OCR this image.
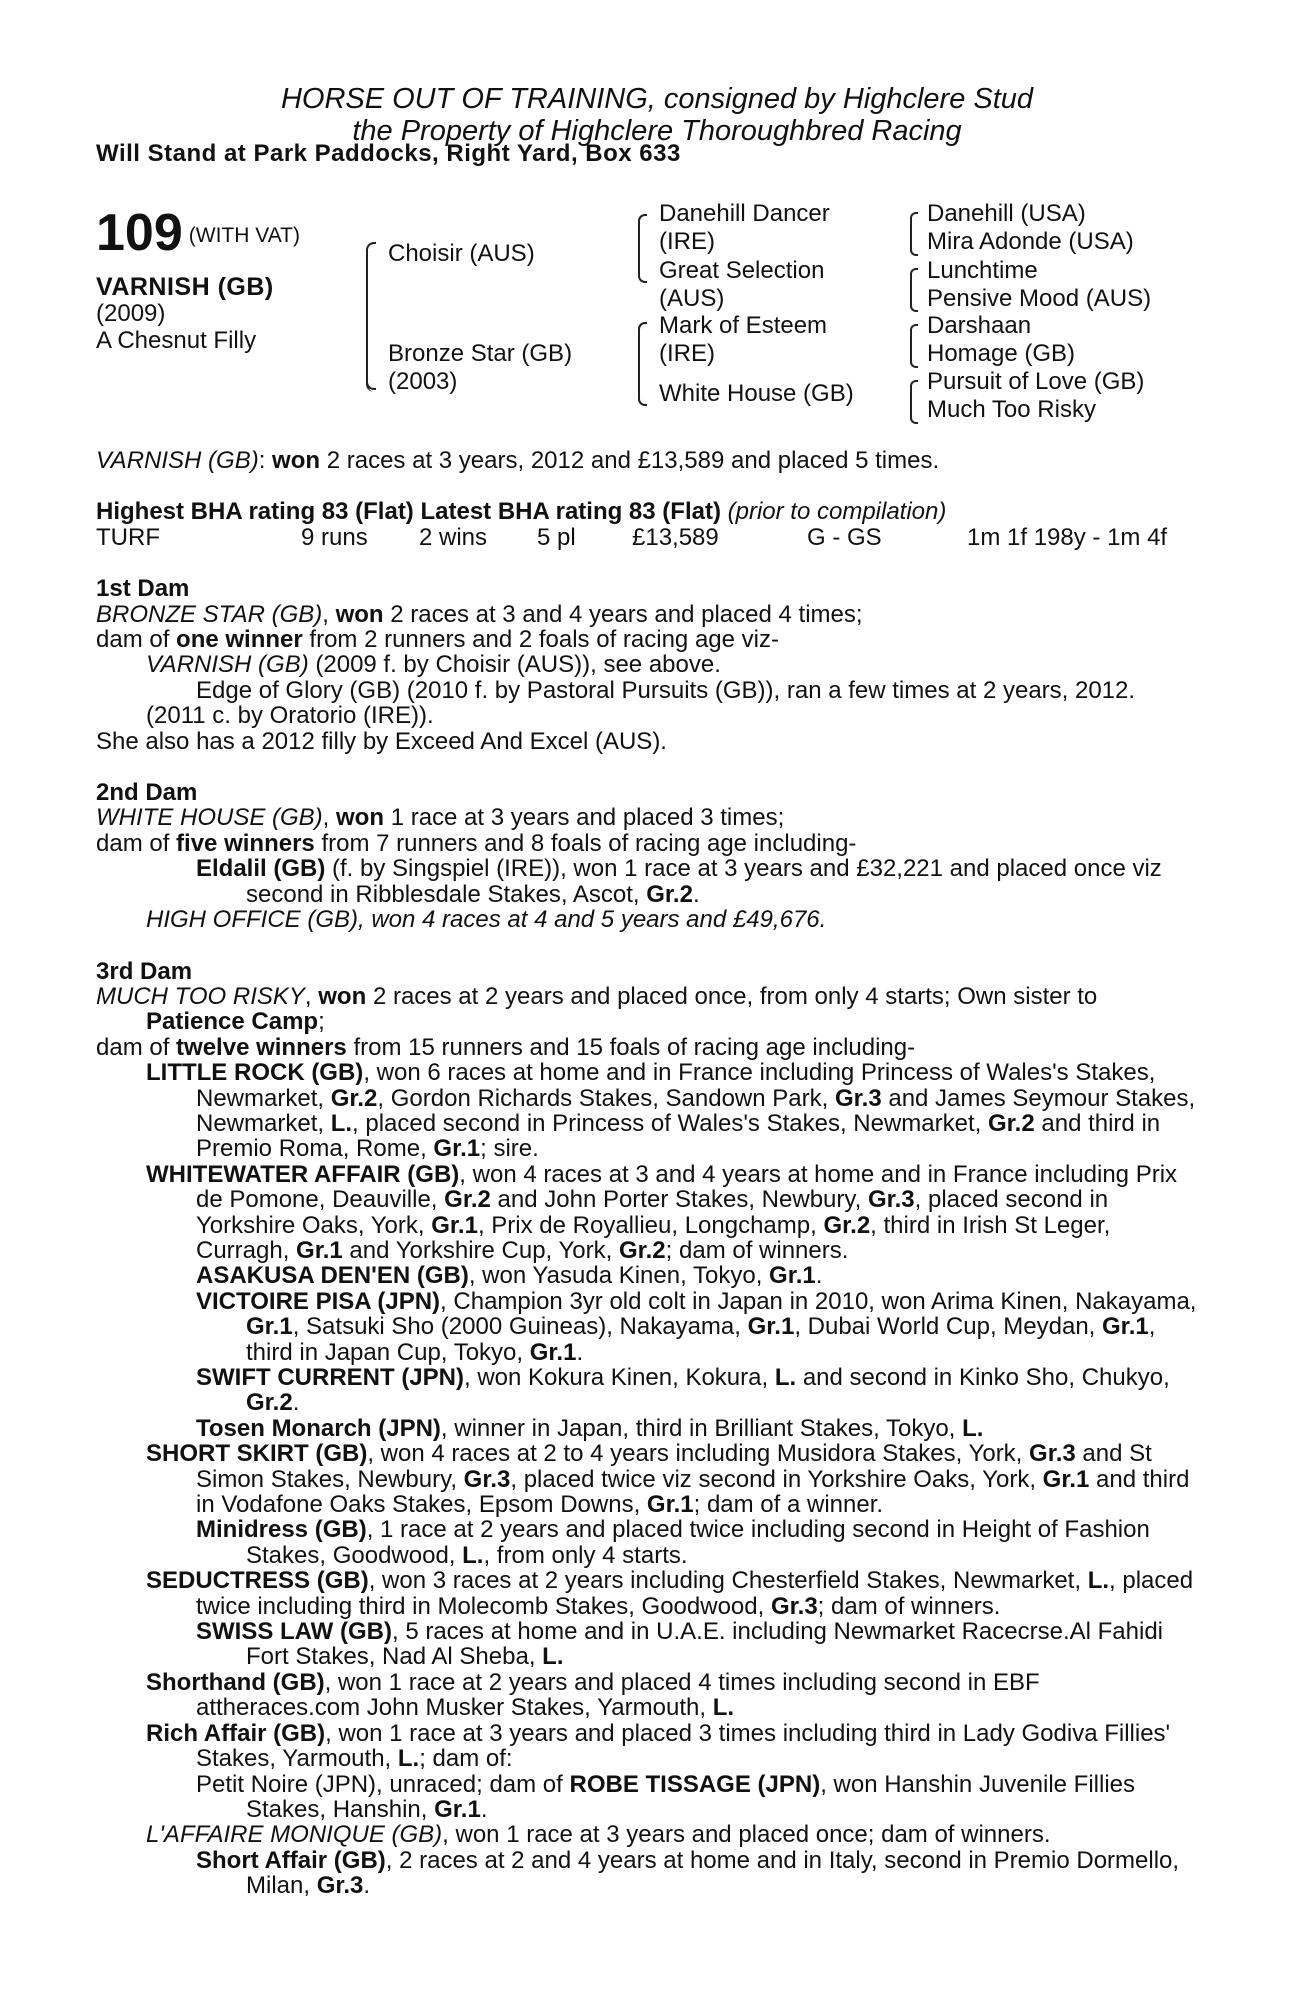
HORSE OUT OF TRAINING, consigned by Highclere Stud
the Property of Highclere Thoroughbred Racing
Will Stand at Park Paddocks, Right Yard, Box 633
109 (WITH VAT)
VARNISH (GB)
(2009)
A Chesnut Filly
Choisir (AUS)
Bronze Star (GB)
(2003)
Danehill Dancer
(IRE)
Great Selection
(AUS)
Mark of Esteem
(IRE)
White House (GB)
Danehill (USA)
Mira Adonde (USA)
Lunchtime
Pensive Mood (AUS)
Darshaan
Homage (GB)
Pursuit of Love (GB)
Much Too Risky

VARNISH (GB): won 2 races at 3 years, 2012 and £13,589 and placed 5 times.

Highest BHA rating 83 (Flat) Latest BHA rating 83 (Flat) (prior to compilation)

TURF	9 runs 2 wins 5 pl £13,589	G - GS	1m 1f 198y - 1m 4f

1st Dam

BRONZE STAR (GB), won 2 races at 3 and 4 years and placed 4 times;

dam of one winner from 2 runners and 2 foals of racing age viz-

VARNISH (GB) (2009 f. by Choisir (AUS)), see above.

Edge of Glory (GB) (2010 f. by Pastoral Pursuits (GB)), ran a few times at 2 years, 2012.

(2011 c. by Oratorio (IRE)).

She also has a 2012 filly by Exceed And Excel (AUS).

2nd Dam

WHITE HOUSE (GB), won 1 race at 3 years and placed 3 times;

dam of five winners from 7 runners and 8 foals of racing age including-

Eldalil (GB) (f. by Singspiel (IRE)), won 1 race at 3 years and £32,221 and placed once viz second in Ribblesdale Stakes, Ascot, Gr.2.

HIGH OFFICE (GB), won 4 races at 4 and 5 years and £49,676.

3rd Dam

MUCH TOO RISKY, won 2 races at 2 years and placed once, from only 4 starts; Own sister to
Patience Camp;

dam of twelve winners from 15 runners and 15 foals of racing age including-

LITTLE ROCK (GB), won 6 races at home and in France including Princess of Wales's Stakes, Newmarket, Gr.2, Gordon Richards Stakes, Sandown Park, Gr.3 and James Seymour Stakes, Newmarket, L., placed second in Princess of Wales's Stakes, Newmarket, Gr.2 and third in Premio Roma, Rome, Gr.1; sire.

WHITEWATER AFFAIR (GB), won 4 races at 3 and 4 years at home and in France including Prix de Pomone, Deauville, Gr.2 and John Porter Stakes, Newbury, Gr.3, placed second in Yorkshire Oaks, York, Gr.1, Prix de Royallieu, Longchamp, Gr.2, third in Irish St Leger, Curragh, Gr.1 and Yorkshire Cup, York, Gr.2; dam of winners.

ASAKUSA DEN'EN (GB), won Yasuda Kinen, Tokyo, Gr.1.

VICTOIRE PISA (JPN), Champion 3yr old colt in Japan in 2010, won Arima Kinen, Nakayama, Gr.1, Satsuki Sho (2000 Guineas), Nakayama, Gr.1, Dubai World Cup, Meydan, Gr.1, third in Japan Cup, Tokyo, Gr.1.

SWIFT CURRENT (JPN), won Kokura Kinen, Kokura, L. and second in Kinko Sho, Chukyo, Gr.2.

Tosen Monarch (JPN), winner in Japan, third in Brilliant Stakes, Tokyo, L.

SHORT SKIRT (GB), won 4 races at 2 to 4 years including Musidora Stakes, York, Gr.3 and St Simon Stakes, Newbury, Gr.3, placed twice viz second in Yorkshire Oaks, York, Gr.1 and third in Vodafone Oaks Stakes, Epsom Downs, Gr.1; dam of a winner.

Minidress (GB), 1 race at 2 years and placed twice including second in Height of Fashion Stakes, Goodwood, L., from only 4 starts.

SEDUCTRESS (GB), won 3 races at 2 years including Chesterfield Stakes, Newmarket, L., placed twice including third in Molecomb Stakes, Goodwood, Gr.3; dam of winners.

SWISS LAW (GB), 5 races at home and in U.A.E. including Newmarket Racecrse.Al Fahidi Fort Stakes, Nad Al Sheba, L.

Shorthand (GB), won 1 race at 2 years and placed 4 times including second in EBF attheraces.com John Musker Stakes, Yarmouth, L.

Rich Affair (GB), won 1 race at 3 years and placed 3 times including third in Lady Godiva Fillies' Stakes, Yarmouth, L.; dam of:

Petit Noire (JPN), unraced; dam of ROBE TISSAGE (JPN), won Hanshin Juvenile Fillies Stakes, Hanshin, Gr.1.

L'AFFAIRE MONIQUE (GB), won 1 race at 3 years and placed once; dam of winners.

Short Affair (GB), 2 races at 2 and 4 years at home and in Italy, second in Premio Dormello, Milan, Gr.3.
